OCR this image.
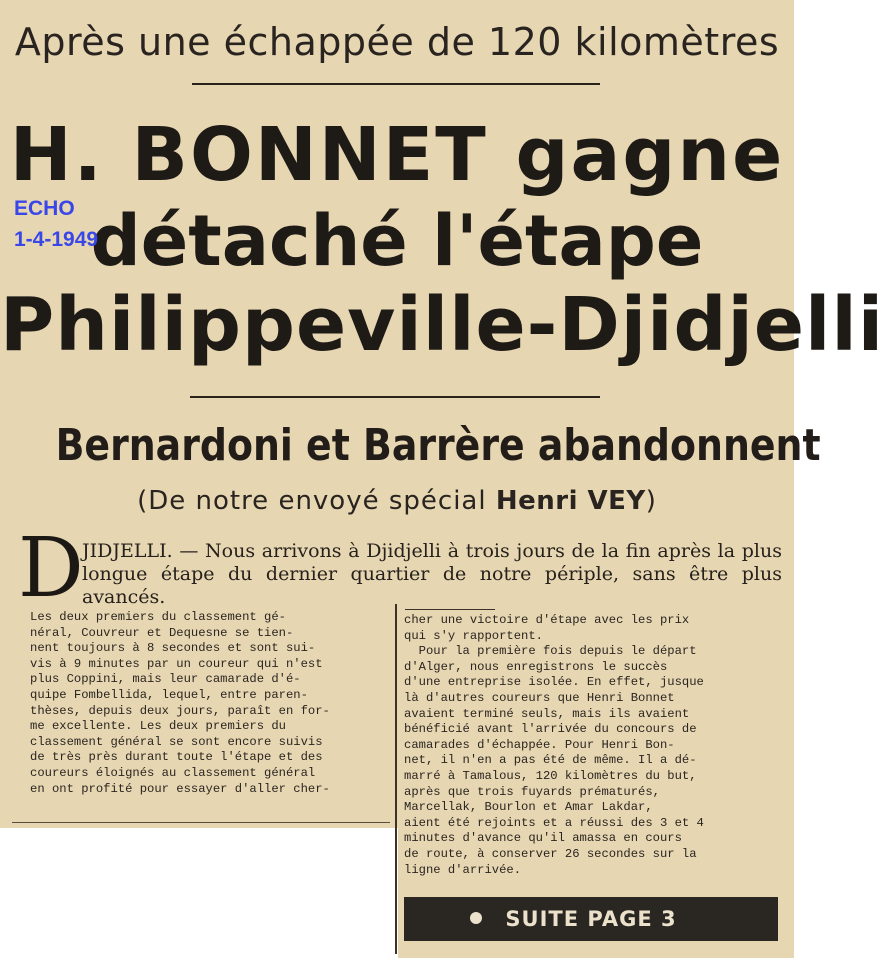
Après une échappée de 120 kilomètres
H. BONNET gagne
détaché l'étape
Philippeville-Djidjelli
ECHO
1-4-1949
Bernardoni et Barrère abandonnent
(De notre envoyé spécial Henri VEY)
D
JIDJELLI. — Nous arrivons à Djidjelli à trois jours de la fin après la plus longue étape du dernier quartier de notre périple, sans être plus avancés.

Les deux premiers du classement gé-

néral, Couvreur et Dequesne se tien-

nent toujours à 8 secondes et sont sui-

vis à 9 minutes par un coureur qui n'est

plus Coppini, mais leur camarade d'é-

quipe Fombellida, lequel, entre paren-

thèses, depuis deux jours, paraît en for-

me excellente. Les deux premiers du

classement général se sont encore suivis

de très près durant toute l'étape et des

coureurs éloignés au classement général

en ont profité pour essayer d'aller cher-

cher une victoire d'étape avec les prix

qui s'y rapportent.

Pour la première fois depuis le départ

d'Alger, nous enregistrons le succès

d'une entreprise isolée. En effet, jusque

là d'autres coureurs que Henri Bonnet

avaient terminé seuls, mais ils avaient

bénéficié avant l'arrivée du concours de

camarades d'échappée. Pour Henri Bon-

net, il n'en a pas été de même. Il a dé-

marré à Tamalous, 120 kilomètres du but,

après que trois fuyards prématurés,

Marcellak, Bourlon et Amar Lakdar,

aient été rejoints et a réussi des 3 et 4

minutes d'avance qu'il amassa en cours

de route, à conserver 26 secondes sur la

ligne d'arrivée.

SUITE PAGE 3
